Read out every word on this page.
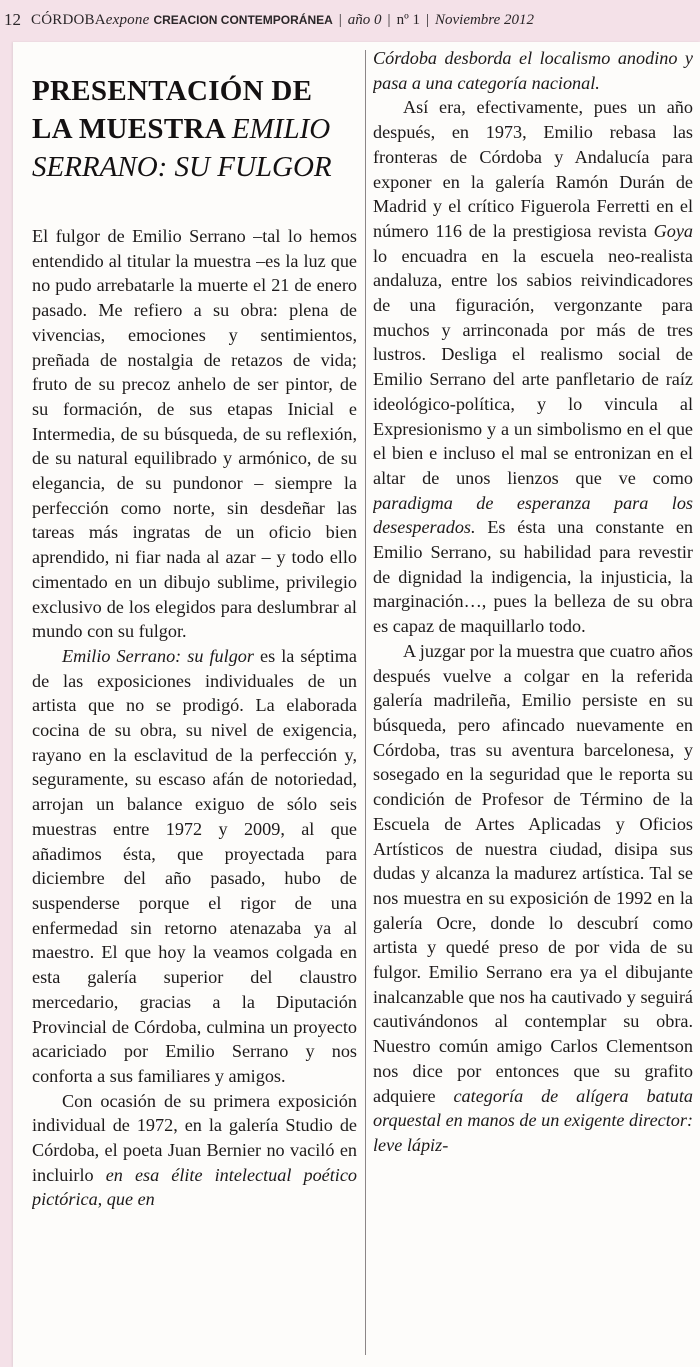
12 CÓRDOBAexpone CREACION CONTEMPORÁNEA | año 0 | nº 1 | Noviembre 2012
PRESENTACIÓN DE LA MUESTRA EMILIO SERRANO: SU FULGOR

El fulgor de Emilio Serrano –tal lo hemos entendido al titular la muestra –es la luz que no pudo arrebatarle la muerte el 21 de enero pasado. Me refiero a su obra: plena de vivencias, emociones y sentimientos, preñada de nostalgia de retazos de vida; fruto de su precoz anhelo de ser pintor, de su formación, de sus etapas Inicial e Intermedia, de su búsqueda, de su reflexión, de su natural equilibrado y armónico, de su elegancia, de su pundonor – siempre la perfección como norte, sin desdeñar las tareas más ingratas de un oficio bien aprendido, ni fiar nada al azar – y todo ello cimentado en un dibujo sublime, privilegio exclusivo de los elegidos para deslumbrar al mundo con su fulgor.

Emilio Serrano: su fulgor es la séptima de las exposiciones individuales de un artista que no se prodigó. La elaborada cocina de su obra, su nivel de exigencia, rayano en la esclavitud de la perfección y, seguramente, su escaso afán de notoriedad, arrojan un balance exiguo de sólo seis muestras entre 1972 y 2009, al que añadimos ésta, que proyectada para diciembre del año pasado, hubo de suspenderse porque el rigor de una enfermedad sin retorno atenazaba ya al maestro. El que hoy la veamos colgada en esta galería superior del claustro mercedario, gracias a la Diputación Provincial de Córdoba, culmina un proyecto acariciado por Emilio Serrano y nos conforta a sus familiares y amigos.

Con ocasión de su primera exposición individual de 1972, en la galería Studio de Córdoba, el poeta Juan Bernier no vaciló en incluirlo en esa élite intelectual poético pictórica, que en

Córdoba desborda el localismo anodino y pasa a una categoría nacional.

Así era, efectivamente, pues un año después, en 1973, Emilio rebasa las fronteras de Córdoba y Andalucía para exponer en la galería Ramón Durán de Madrid y el crítico Figuerola Ferretti en el número 116 de la prestigiosa revista Goya lo encuadra en la escuela neo-realista andaluza, entre los sabios reivindicadores de una figuración, vergonzante para muchos y arrinconada por más de tres lustros. Desliga el realismo social de Emilio Serrano del arte panfletario de raíz ideológico-política, y lo vincula al Expresionismo y a un simbolismo en el que el bien e incluso el mal se entronizan en el altar de unos lienzos que ve como paradigma de esperanza para los desesperados. Es ésta una constante en Emilio Serrano, su habilidad para revestir de dignidad la indigencia, la injusticia, la marginación…, pues la belleza de su obra es capaz de maquillarlo todo.

A juzgar por la muestra que cuatro años después vuelve a colgar en la referida galería madrileña, Emilio persiste en su búsqueda, pero afincado nuevamente en Córdoba, tras su aventura barcelonesa, y sosegado en la seguridad que le reporta su condición de Profesor de Término de la Escuela de Artes Aplicadas y Oficios Artísticos de nuestra ciudad, disipa sus dudas y alcanza la madurez artística. Tal se nos muestra en su exposición de 1992 en la galería Ocre, donde lo descubrí como artista y quedé preso de por vida de su fulgor. Emilio Serrano era ya el dibujante inalcanzable que nos ha cautivado y seguirá cautivándonos al contemplar su obra. Nuestro común amigo Carlos Clementson nos dice por entonces que su grafito adquiere categoría de alígera batuta orquestal en manos de un exigente director: leve lápiz-
